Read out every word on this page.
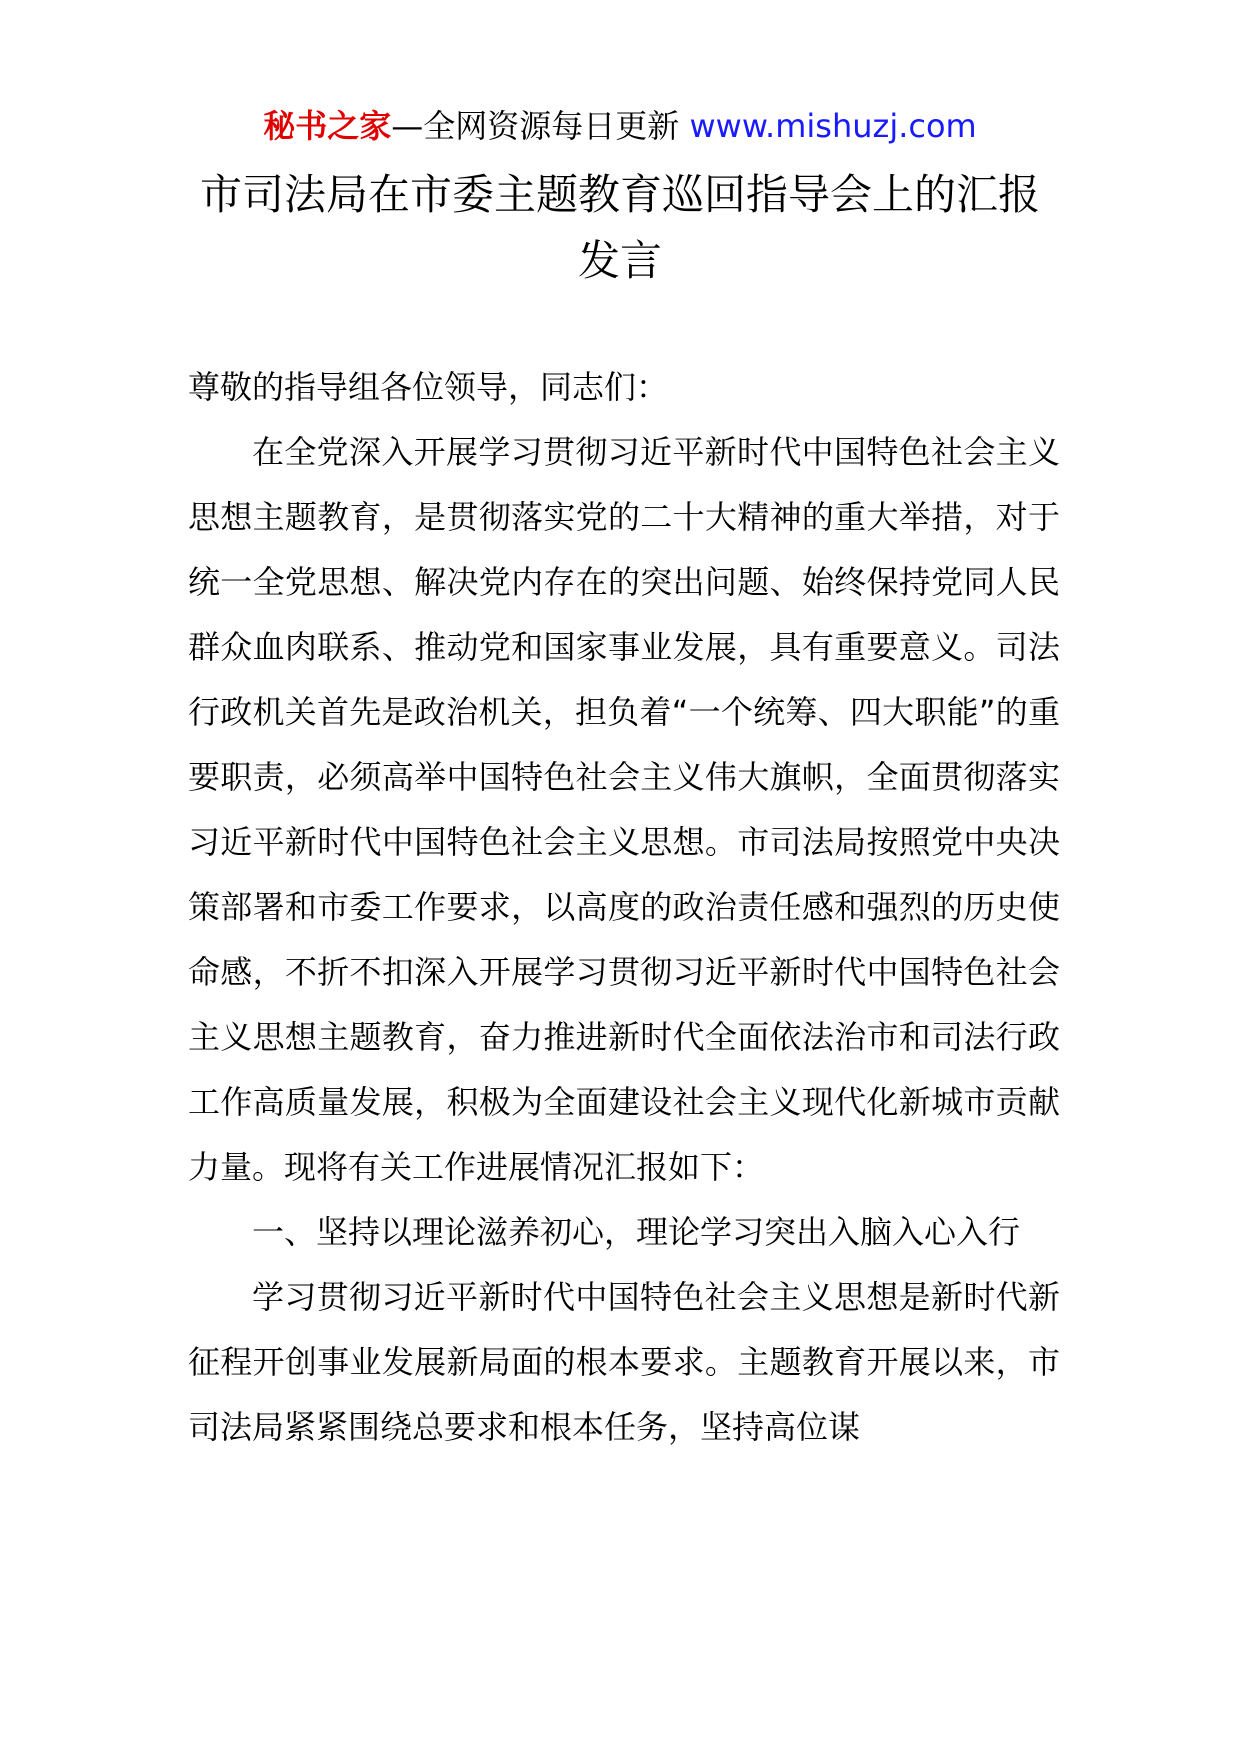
秘书之家—全网资源每日更新 www.mishuzj.com
市司法局在市委主题教育巡回指导会上的汇报
发言

尊敬的指导组各位领导，同志们：

在全党深入开展学习贯彻习近平新时代中国特色社会主义思想主题教育，是贯彻落实党的二十大精神的重大举措，对于统一全党思想、解决党内存在的突出问题、始终保持党同人民群众血肉联系、推动党和国家事业发展，具有重要意义。司法行政机关首先是政治机关，担负着“一个统筹、四大职能”的重要职责，必须高举中国特色社会主义伟大旗帜，全面贯彻落实习近平新时代中国特色社会主义思想。市司法局按照党中央决策部署和市委工作要求，以高度的政治责任感和强烈的历史使命感，不折不扣深入开展学习贯彻习近平新时代中国特色社会主义思想主题教育，奋力推进新时代全面依法治市和司法行政工作高质量发展，积极为全面建设社会主义现代化新城市贡献力量。现将有关工作进展情况汇报如下：

一、坚持以理论滋养初心，理论学习突出入脑入心入行

学习贯彻习近平新时代中国特色社会主义思想是新时代新征程开创事业发展新局面的根本要求。主题教育开展以来，市司法局紧紧围绕总要求和根本任务，坚持高位谋
